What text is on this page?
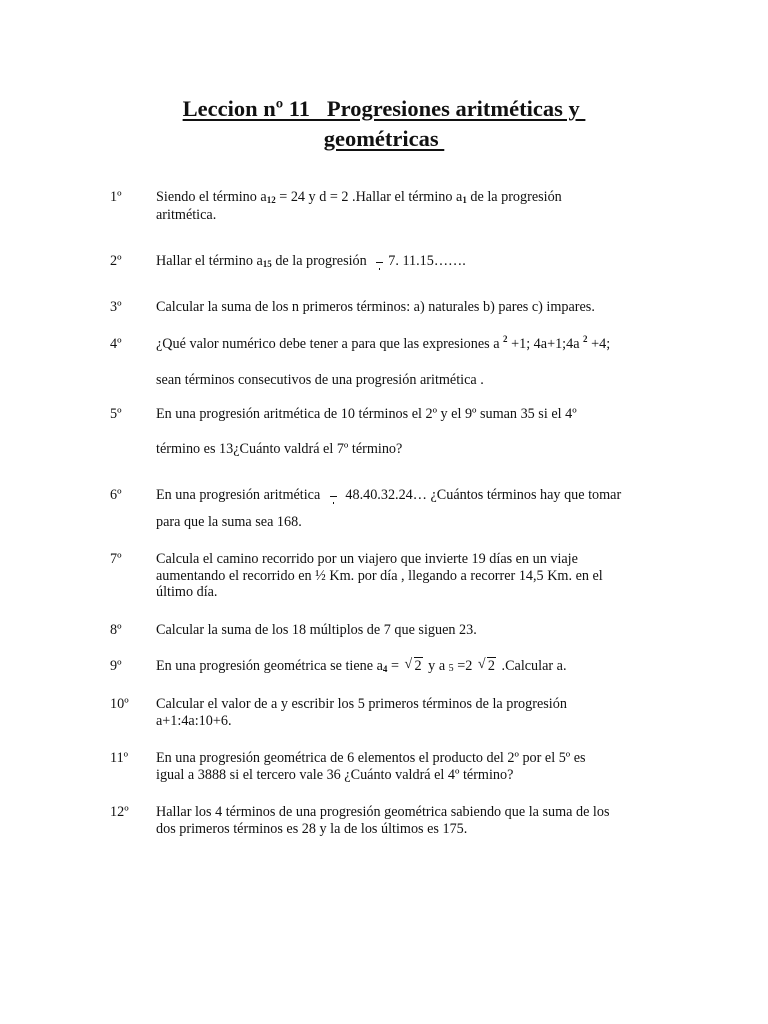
Leccion nº 11   Progresiones aritméticas y
geométricas
1º Siendo el término a12 = 24 y d = 2 .Hallar el término a1 de la progresión
aritmética.
2º Hallar el término a15 de la progresión 7. 11.15…….
3º Calcular la suma de los n primeros términos: a) naturales b) pares c) impares.
4º ¿Qué valor numérico debe tener a para que las expresiones a $^2$ +1; 4a+1;4a $^2$ +4;
sean términos consecutivos de una progresión aritmética .
5º En una progresión aritmética de 10 términos el 2º y el 9º suman 35 si el 4º
término es 13¿Cuánto valdrá el 7º término?
6º En una progresión aritmética  48.40.32.24… ¿Cuántos términos hay que tomar
para que la suma sea 168.
7º Calcula el camino recorrido por un viajero que invierte 19 días en un viaje
aumentando el recorrido en ½ Km. por día , llegando a recorrer 14,5 Km. en el
último día.
8º Calcular la suma de los 18 múltiplos de 7 que siguen 23.
9º En una progresión geométrica se tiene a4 = √ 2 y a 5 =2 √ 2 .Calcular a.
10º Calcular el valor de a y escribir los 5 primeros términos de la progresión
a+1:4a:10+6.
11º En una progresión geométrica de 6 elementos el producto del 2º por el 5º es
igual a 3888 si el tercero vale 36 ¿Cuánto valdrá el 4º término?
12º Hallar los 4 términos de una progresión geométrica sabiendo que la suma de los
dos primeros términos es 28 y la de los últimos es 175.
